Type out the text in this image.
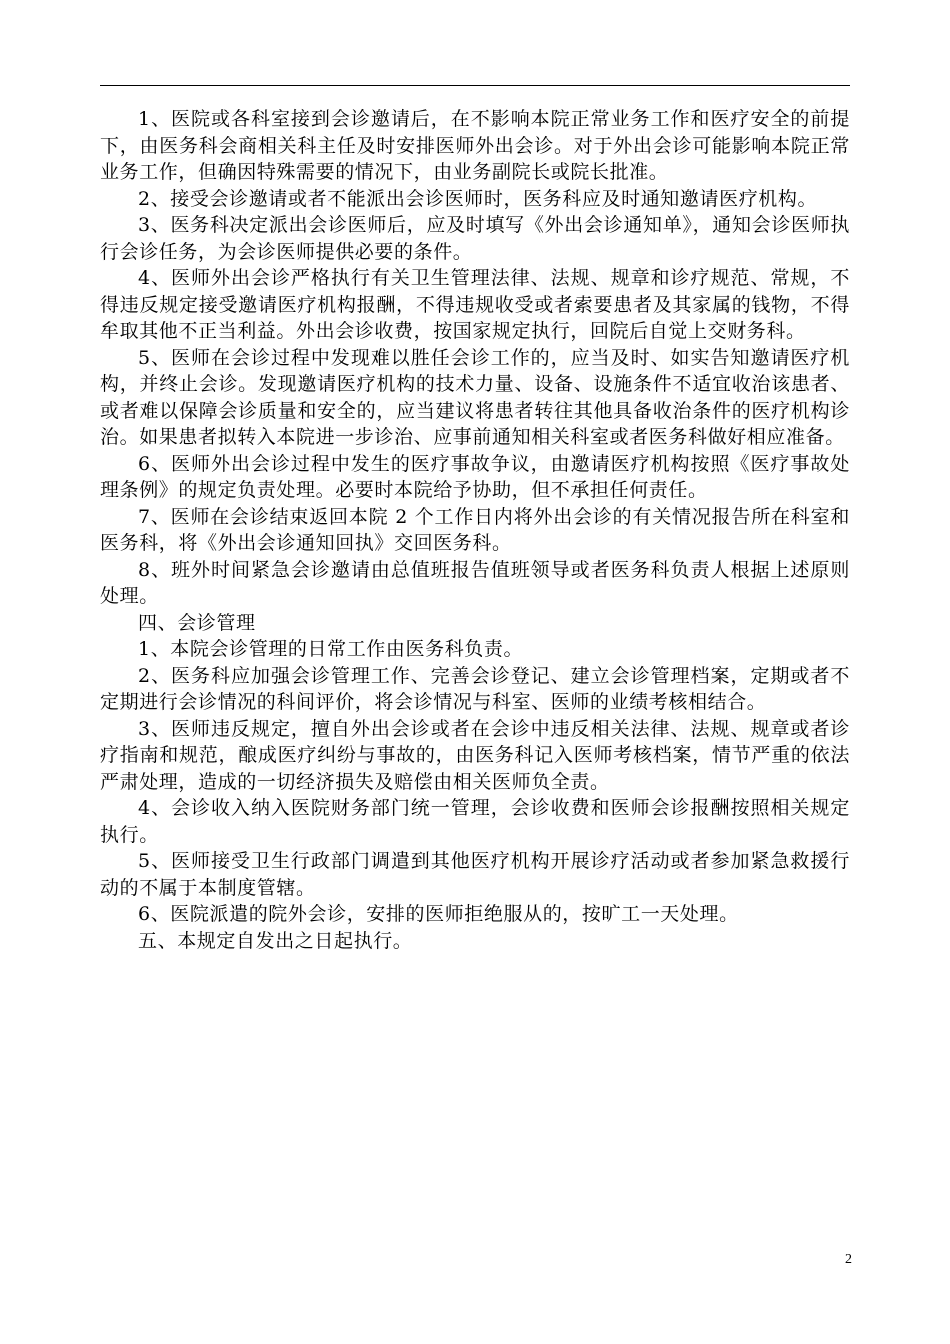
1、医院或各科室接到会诊邀请后，在不影响本院正常业务工作和医疗安全的前提下，由医务科会商相关科主任及时安排医师外出会诊。对于外出会诊可能影响本院正常业务工作，但确因特殊需要的情况下，由业务副院长或院长批准。

2、接受会诊邀请或者不能派出会诊医师时，医务科应及时通知邀请医疗机构。

3、医务科决定派出会诊医师后，应及时填写《外出会诊通知单》，通知会诊医师执行会诊任务，为会诊医师提供必要的条件。

4、医师外出会诊严格执行有关卫生管理法律、法规、规章和诊疗规范、常规，不得违反规定接受邀请医疗机构报酬，不得违规收受或者索要患者及其家属的钱物，不得牟取其他不正当利益。外出会诊收费，按国家规定执行，回院后自觉上交财务科。

5、医师在会诊过程中发现难以胜任会诊工作的，应当及时、如实告知邀请医疗机构，并终止会诊。发现邀请医疗机构的技术力量、设备、设施条件不适宜收治该患者、或者难以保障会诊质量和安全的，应当建议将患者转往其他具备收治条件的医疗机构诊治。如果患者拟转入本院进一步诊治、应事前通知相关科室或者医务科做好相应准备。

6、医师外出会诊过程中发生的医疗事故争议，由邀请医疗机构按照《医疗事故处理条例》的规定负责处理。必要时本院给予协助，但不承担任何责任。

7、医师在会诊结束返回本院 2 个工作日内将外出会诊的有关情况报告所在科室和医务科，将《外出会诊通知回执》交回医务科。

8、班外时间紧急会诊邀请由总值班报告值班领导或者医务科负责人根据上述原则处理。

四、会诊管理

1、本院会诊管理的日常工作由医务科负责。

2、医务科应加强会诊管理工作、完善会诊登记、建立会诊管理档案，定期或者不定期进行会诊情况的科间评价，将会诊情况与科室、医师的业绩考核相结合。

3、医师违反规定，擅自外出会诊或者在会诊中违反相关法律、法规、规章或者诊疗指南和规范，酿成医疗纠纷与事故的，由医务科记入医师考核档案，情节严重的依法严肃处理，造成的一切经济损失及赔偿由相关医师负全责。

4、会诊收入纳入医院财务部门统一管理，会诊收费和医师会诊报酬按照相关规定执行。

5、医师接受卫生行政部门调遣到其他医疗机构开展诊疗活动或者参加紧急救援行动的不属于本制度管辖。

6、医院派遣的院外会诊，安排的医师拒绝服从的，按旷工一天处理。

五、本规定自发出之日起执行。

2
